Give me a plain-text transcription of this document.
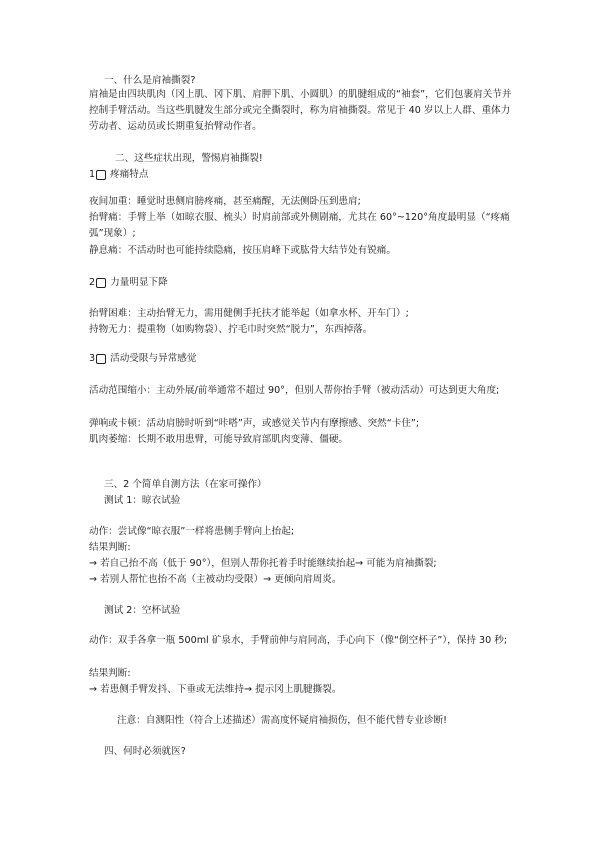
一、什么是肩袖撕裂?
肩袖是由四块肌肉（冈上肌、冈下肌、肩胛下肌、小圆肌）的肌腱组成的“袖套”，它们包裹肩关节并控制手臂活动。当这些肌腱发生部分或完全撕裂时，称为肩袖撕裂。常见于 40 岁以上人群、重体力劳动者、运动员或长期重复抬臂动作者。
二、这些症状出现，警惕肩袖撕裂!
1 疼痛特点
夜间加重：睡觉时患侧肩膀疼痛，甚至痛醒，无法侧卧压到患肩;
抬臂痛：手臂上举（如晾衣服、梳头）时肩前部或外侧剧痛，尤其在 60°~120°角度最明显（“疼痛弧”现象）;
静息痛：不活动时也可能持续隐痛，按压肩峰下或肱骨大结节处有锐痛。
2 力量明显下降
抬臂困难：主动抬臂无力，需用健侧手托扶才能举起（如拿水杯、开车门）;
持物无力：提重物（如购物袋）、拧毛巾时突然“脱力”，东西掉落。
3 活动受限与异常感觉
活动范围缩小：主动外展/前举通常不超过 90°，但别人帮你抬手臂（被动活动）可达到更大角度;
弹响或卡顿：活动肩膀时听到“咔嗒”声，或感觉关节内有摩擦感、突然“卡住”;
肌肉萎缩：长期不敢用患臂，可能导致肩部肌肉变薄、僵硬。
三、2 个简单自测方法（在家可操作）
测试 1：晾衣试验
动作：尝试像“晾衣服”一样将患侧手臂向上抬起;
结果判断:
→ 若自己抬不高（低于 90°），但别人帮你托着手时能继续抬起→ 可能为肩袖撕裂;
→ 若别人帮忙也抬不高（主被动均受限）→ 更倾向肩周炎。
测试 2：空杯试验
动作：双手各拿一瓶 500ml 矿泉水，手臂前伸与肩同高，手心向下（像“倒空杯子”），保持 30 秒;
结果判断:
→ 若患侧手臂发抖、下垂或无法维持→ 提示冈上肌腱撕裂。
注意：自测阳性（符合上述描述）需高度怀疑肩袖损伤，但不能代替专业诊断!
四、何时必须就医?
